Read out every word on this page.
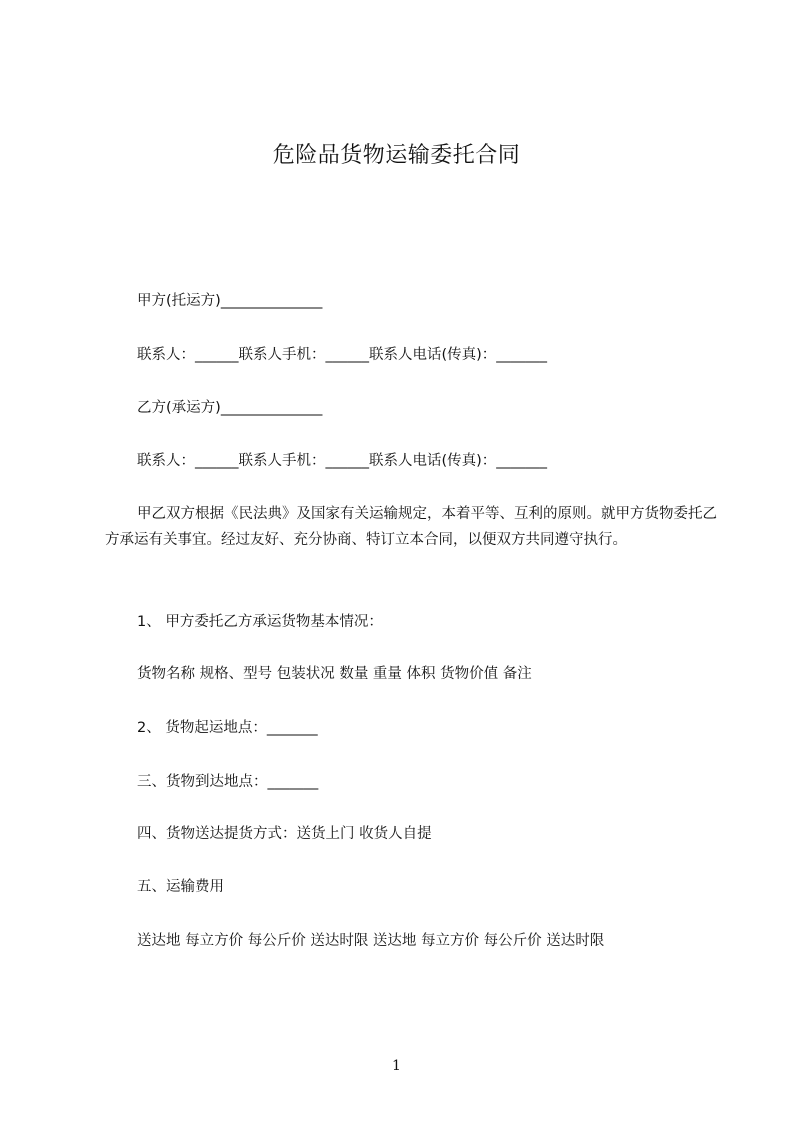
危险品货物运输委托合同
甲方(托运方)______________
联系人：______联系人手机：______联系人电话(传真)：_______
乙方(承运方)______________
联系人：______联系人手机：______联系人电话(传真)：_______
甲乙双方根据《民法典》及国家有关运输规定，本着平等、互利的原则。就甲方货物委托乙方承运有关事宜。经过友好、充分协商、特订立本合同，以便双方共同遵守执行。
1、 甲方委托乙方承运货物基本情况：
货物名称 规格、型号 包装状况 数量 重量 体积 货物价值 备注
2、 货物起运地点：_______
三、货物到达地点：_______
四、货物送达提货方式：送货上门 收货人自提
五、运输费用
送达地 每立方价 每公斤价 送达时限 送达地 每立方价 每公斤价 送达时限
1
